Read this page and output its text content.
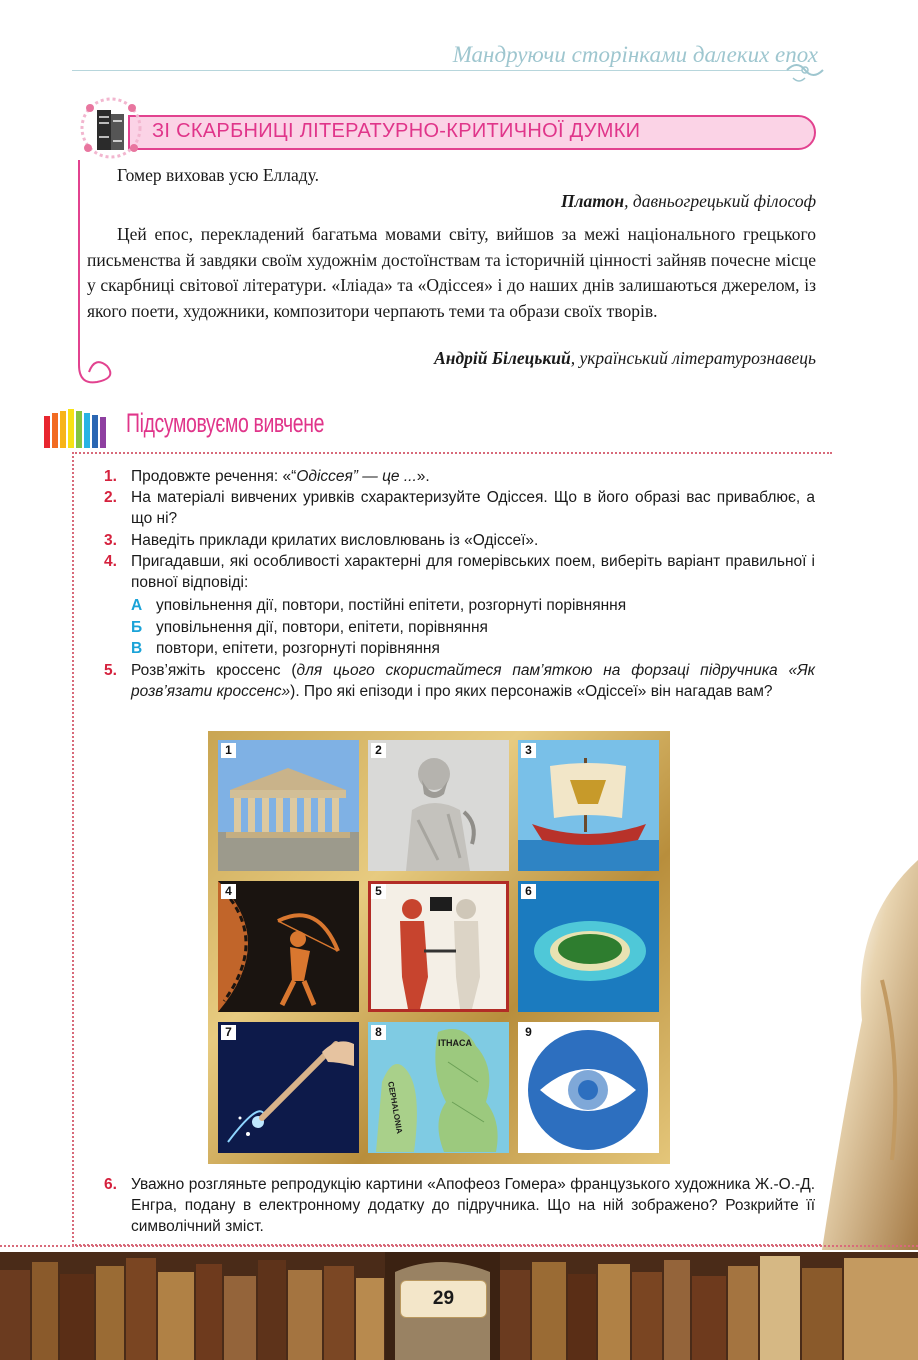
Мандруючи сторінками далеких епох
ЗІ СКАРБНИЦІ ЛІТЕРАТУРНО-КРИТИЧНОЇ ДУМКИ
Гомер виховав усю Елладу.
Платон, давньогрецький філософ
Цей епос, перекладений багатьма мовами світу, вийшов за межі національного грецького письменства й завдяки своїм художнім достоїнствам та історичній цінності зайняв почесне місце у скарбниці світової літератури. «Іліада» та «Одіссея» і до наших днів залишаються джерелом, із якого поети, художники, композитори черпають теми та образи своїх творів.
Андрій Білецький, український літературознавець
Підсумовуємо вивчене
1. Продовжте речення: «“Одіссея” — це ...».
2. На матеріалі вивчених уривків схарактеризуйте Одіссея. Що в його образі вас приваблює, а що ні?
3. Наведіть приклади крилатих висловлювань із «Одіссеї».
4. Пригадавши, які особливості характерні для гомерівських поем, виберіть варіант правильної і повної відповіді:
А уповільнення дії, повтори, постійні епітети, розгорнуті порівняння
Б уповільнення дії, повтори, епітети, порівняння
В повтори, епітети, розгорнуті порівняння
5. Розв’яжіть кроссенс (для цього скористайтеся пам’яткою на форзаці підручника «Як розв’язати кроссенс»). Про які епізоди і про яких персонажів «Одіссеї» він нагадав вам?
1	2	3
4	5	6
7
ITHACA
CEPHALONIA
8	9
6. Уважно розгляньте репродукцію картини «Апофеоз Гомера» французького художника Ж.-О.-Д. Енгра, подану в електронному додатку до підручника. Що на ній зображено? Розкрийте її символічний зміст.
29
